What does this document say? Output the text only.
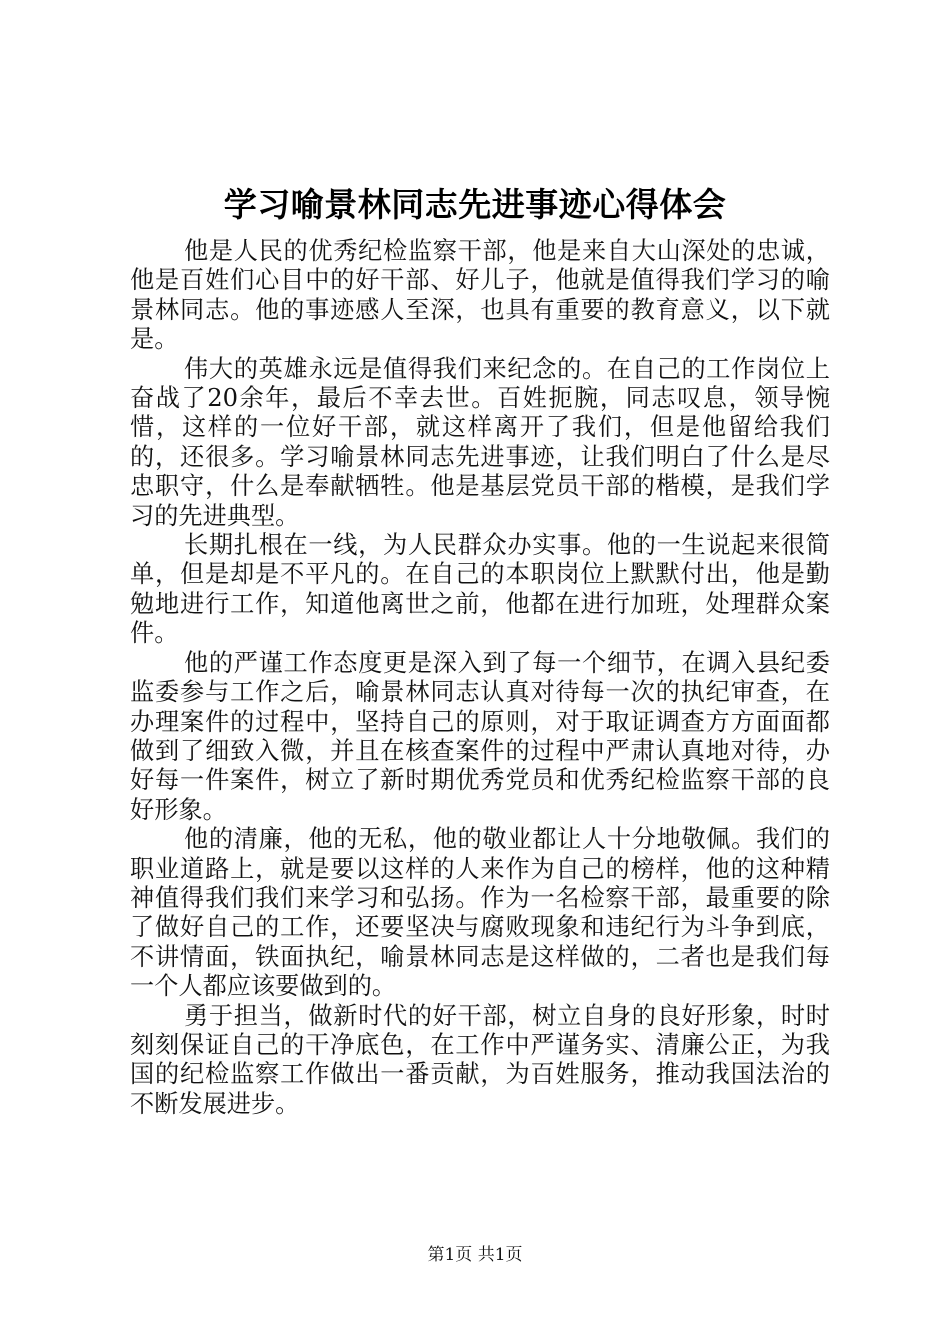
学习喻景林同志先进事迹心得体会

他是人民的优秀纪检监察干部，他是来自大山深处的忠诚，他是百姓们心目中的好干部、好儿子，他就是值得我们学习的喻景林同志。他的事迹感人至深，也具有重要的教育意义，以下就是。

伟大的英雄永远是值得我们来纪念的。在自己的工作岗位上奋战了20余年，最后不幸去世。百姓扼腕，同志叹息，领导惋惜，这样的一位好干部，就这样离开了我们，但是他留给我们的，还很多。学习喻景林同志先进事迹，让我们明白了什么是尽忠职守，什么是奉献牺牲。他是基层党员干部的楷模，是我们学习的先进典型。

长期扎根在一线，为人民群众办实事。他的一生说起来很简单，但是却是不平凡的。在自己的本职岗位上默默付出，他是勤勉地进行工作，知道他离世之前，他都在进行加班，处理群众案件。

他的严谨工作态度更是深入到了每一个细节，在调入县纪委监委参与工作之后，喻景林同志认真对待每一次的执纪审查，在办理案件的过程中，坚持自己的原则，对于取证调查方方面面都做到了细致入微，并且在核查案件的过程中严肃认真地对待，办好每一件案件，树立了新时期优秀党员和优秀纪检监察干部的良好形象。

他的清廉，他的无私，他的敬业都让人十分地敬佩。我们的职业道路上，就是要以这样的人来作为自己的榜样，他的这种精神值得我们我们来学习和弘扬。作为一名检察干部，最重要的除了做好自己的工作，还要坚决与腐败现象和违纪行为斗争到底，不讲情面，铁面执纪，喻景林同志是这样做的，二者也是我们每一个人都应该要做到的。

勇于担当，做新时代的好干部，树立自身的良好形象，时时刻刻保证自己的干净底色，在工作中严谨务实、清廉公正，为我国的纪检监察工作做出一番贡献，为百姓服务，推动我国法治的不断发展进步。

第1页 共1页
